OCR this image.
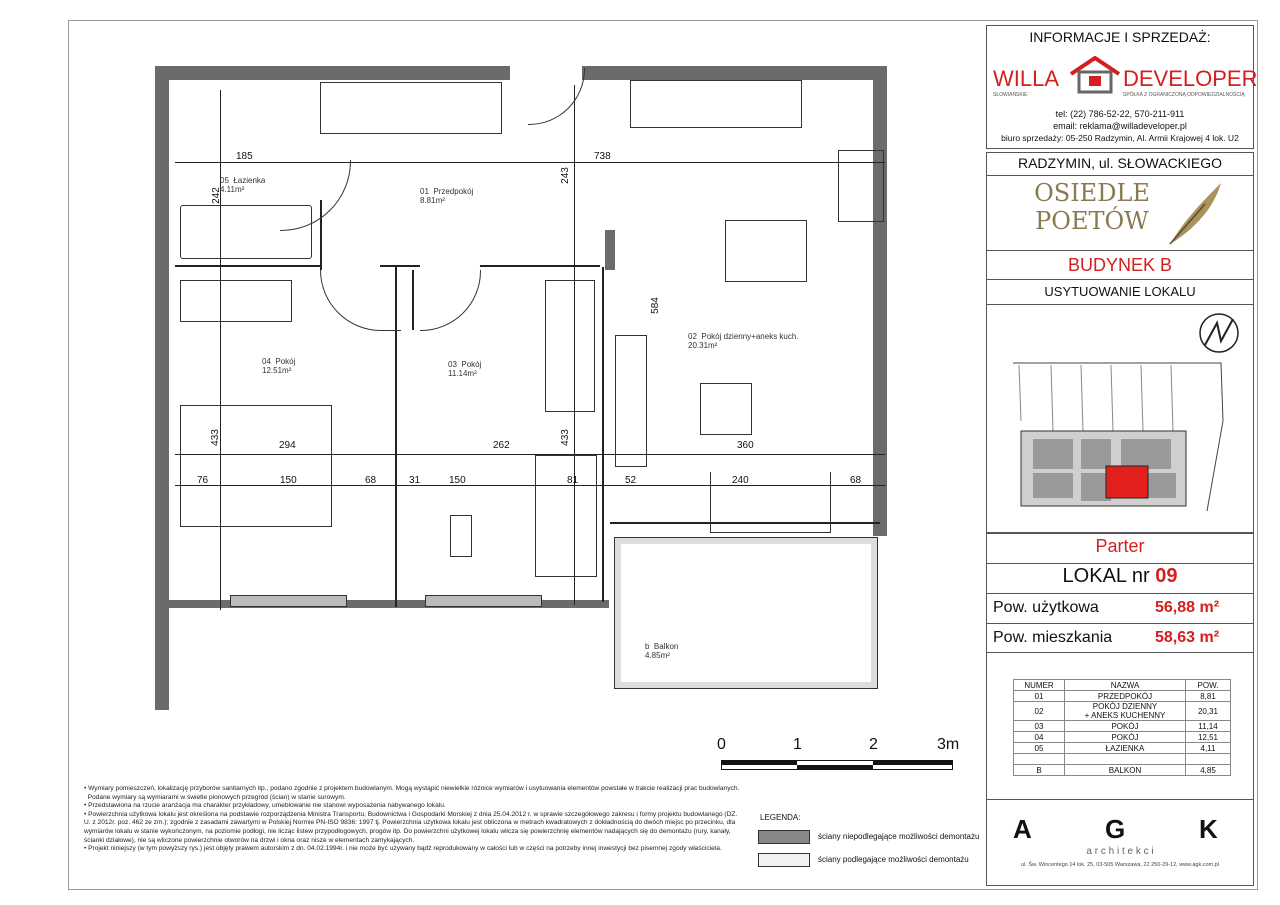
05 Łazienka
4.11m²	01 Przedpokój
8.81m²
02 Pokój dzienny+aneks kuch.
20.31m²
04 Pokój
12.51m²
03 Pokój
11.14m²
b Balkon
4.85m²
185	738
242
243
584
433	294	262	433	360
76	150	68	31	150	81	52	240	68
0	1	2	3m
• Wymiary pomieszczeń, lokalizację przyborów sanitarnych itp., podano zgodnie z projektem budowlanym. Mogą wystąpić niewielkie różnice wymiarów i usytuowania elementów powstałe w trakcie realizacji prac budowlanych.
Podane wymiary są wymiarami w świetle pionowych przegród (ścian) w stanie surowym.
• Przedstawiona na rzucie aranżacja ma charakter przykładowy, umeblowanie nie stanowi wyposażenia nabywanego lokalu.
• Powierzchnia użytkowa lokalu jest określona na podstawie rozporządzenia Ministra Transportu, Budownictwa i Gospodarki Morskiej z dnia 25.04.2012 r. w sprawie szczegółowego zakresu i formy projektu budowlanego (DZ. U. z 2012r. poz. 462 ze zm.); zgodnie z zasadami zawartymi w Polskiej Normie PN-ISO 9836: 1997 tj. Powierzchnia użytkowa lokalu jest obliczona w metrach kwadratowych z dokładnością do dwóch miejsc po przecinku, dla wymiarów lokalu w stanie wykończonym, na poziomie podłogi, nie licząc listew przypodłogowych, progów itp. Do powierzchni użytkowej lokalu wlicza się powierzchnię elementów nadających się do demontażu (rury, kanały, ścianki działowe), nie są wliczone powierzchnie otworów na drzwi i okna oraz nisze w elementach zamykających.
• Projekt niniejszy (w tym powyższy rys.) jest objęty prawem autorskim z dn. 04.02.1994r. i nie może być używany bądź reprodukowany w całości lub w części na potrzeby innej inwestycji bez pisemnej zgody właściciela.
LEGENDA:
ściany niepodlegające możliwości demontażu
ściany podlegające możliwości demontażu
INFORMACJE I SPRZEDAŻ:
WILLA	DEVELOPER
SŁOWIAŃSKIE	SPÓŁKA Z OGRANICZONĄ ODPOWIEDZIALNOŚCIĄ
tel: (22) 786-52-22, 570-211-911
email: reklama@willadeveloper.pl
biuro sprzedaży: 05-250 Radzymin, Al. Armii Krajowej 4 lok. U2
RADZYMIN, ul. SŁOWACKIEGO
OSIEDLE
POETÓW
BUDYNEK B
USYTUOWANIE LOKALU
Parter
LOKAL nr 09
Pow. użytkowa	56,88 m²
Pow. mieszkania	58,63 m²
NUMER	NAZWA	POW.
01	PRZEDPOKÓJ	8,81
02	POKÓJ DZIENNY
+ ANEKS KUCHENNY	20,31
03	POKÓJ	11,14
04	POKÓJ	12,51
05	ŁAZIENKA	4,11

B	BALKON	4,85
A	G	K
a r c h i t e k c i
ul. Św. Wincentego 14 lok. 25, 03-505 Warszawa, 22 250-29-12, www.agk.com.pl
